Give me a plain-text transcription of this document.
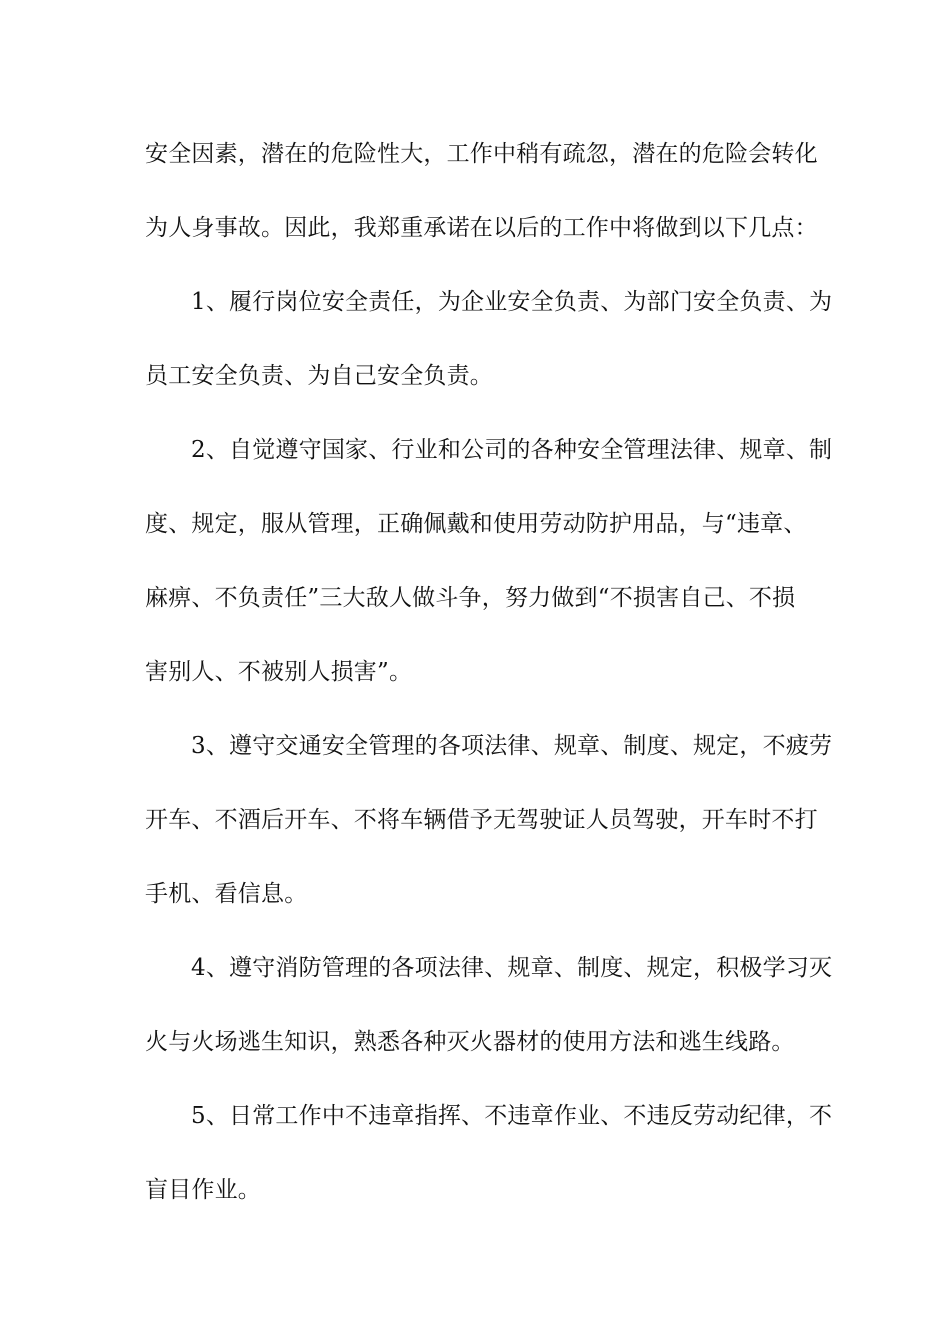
安全因素，潜在的危险性大，工作中稍有疏忽，潜在的危险会转化
为人身事故。因此，我郑重承诺在以后的工作中将做到以下几点：
1、履行岗位安全责任，为企业安全负责、为部门安全负责、为
员工安全负责、为自己安全负责。
2、自觉遵守国家、行业和公司的各种安全管理法律、规章、制
度、规定，服从管理，正确佩戴和使用劳动防护用品，与“违章、
麻痹、不负责任”三大敌人做斗争，努力做到“不损害自己、不损
害别人、不被别人损害”。
3、遵守交通安全管理的各项法律、规章、制度、规定，不疲劳
开车、不酒后开车、不将车辆借予无驾驶证人员驾驶，开车时不打
手机、看信息。
4、遵守消防管理的各项法律、规章、制度、规定，积极学习灭
火与火场逃生知识，熟悉各种灭火器材的使用方法和逃生线路。
5、日常工作中不违章指挥、不违章作业、不违反劳动纪律，不
盲目作业。
